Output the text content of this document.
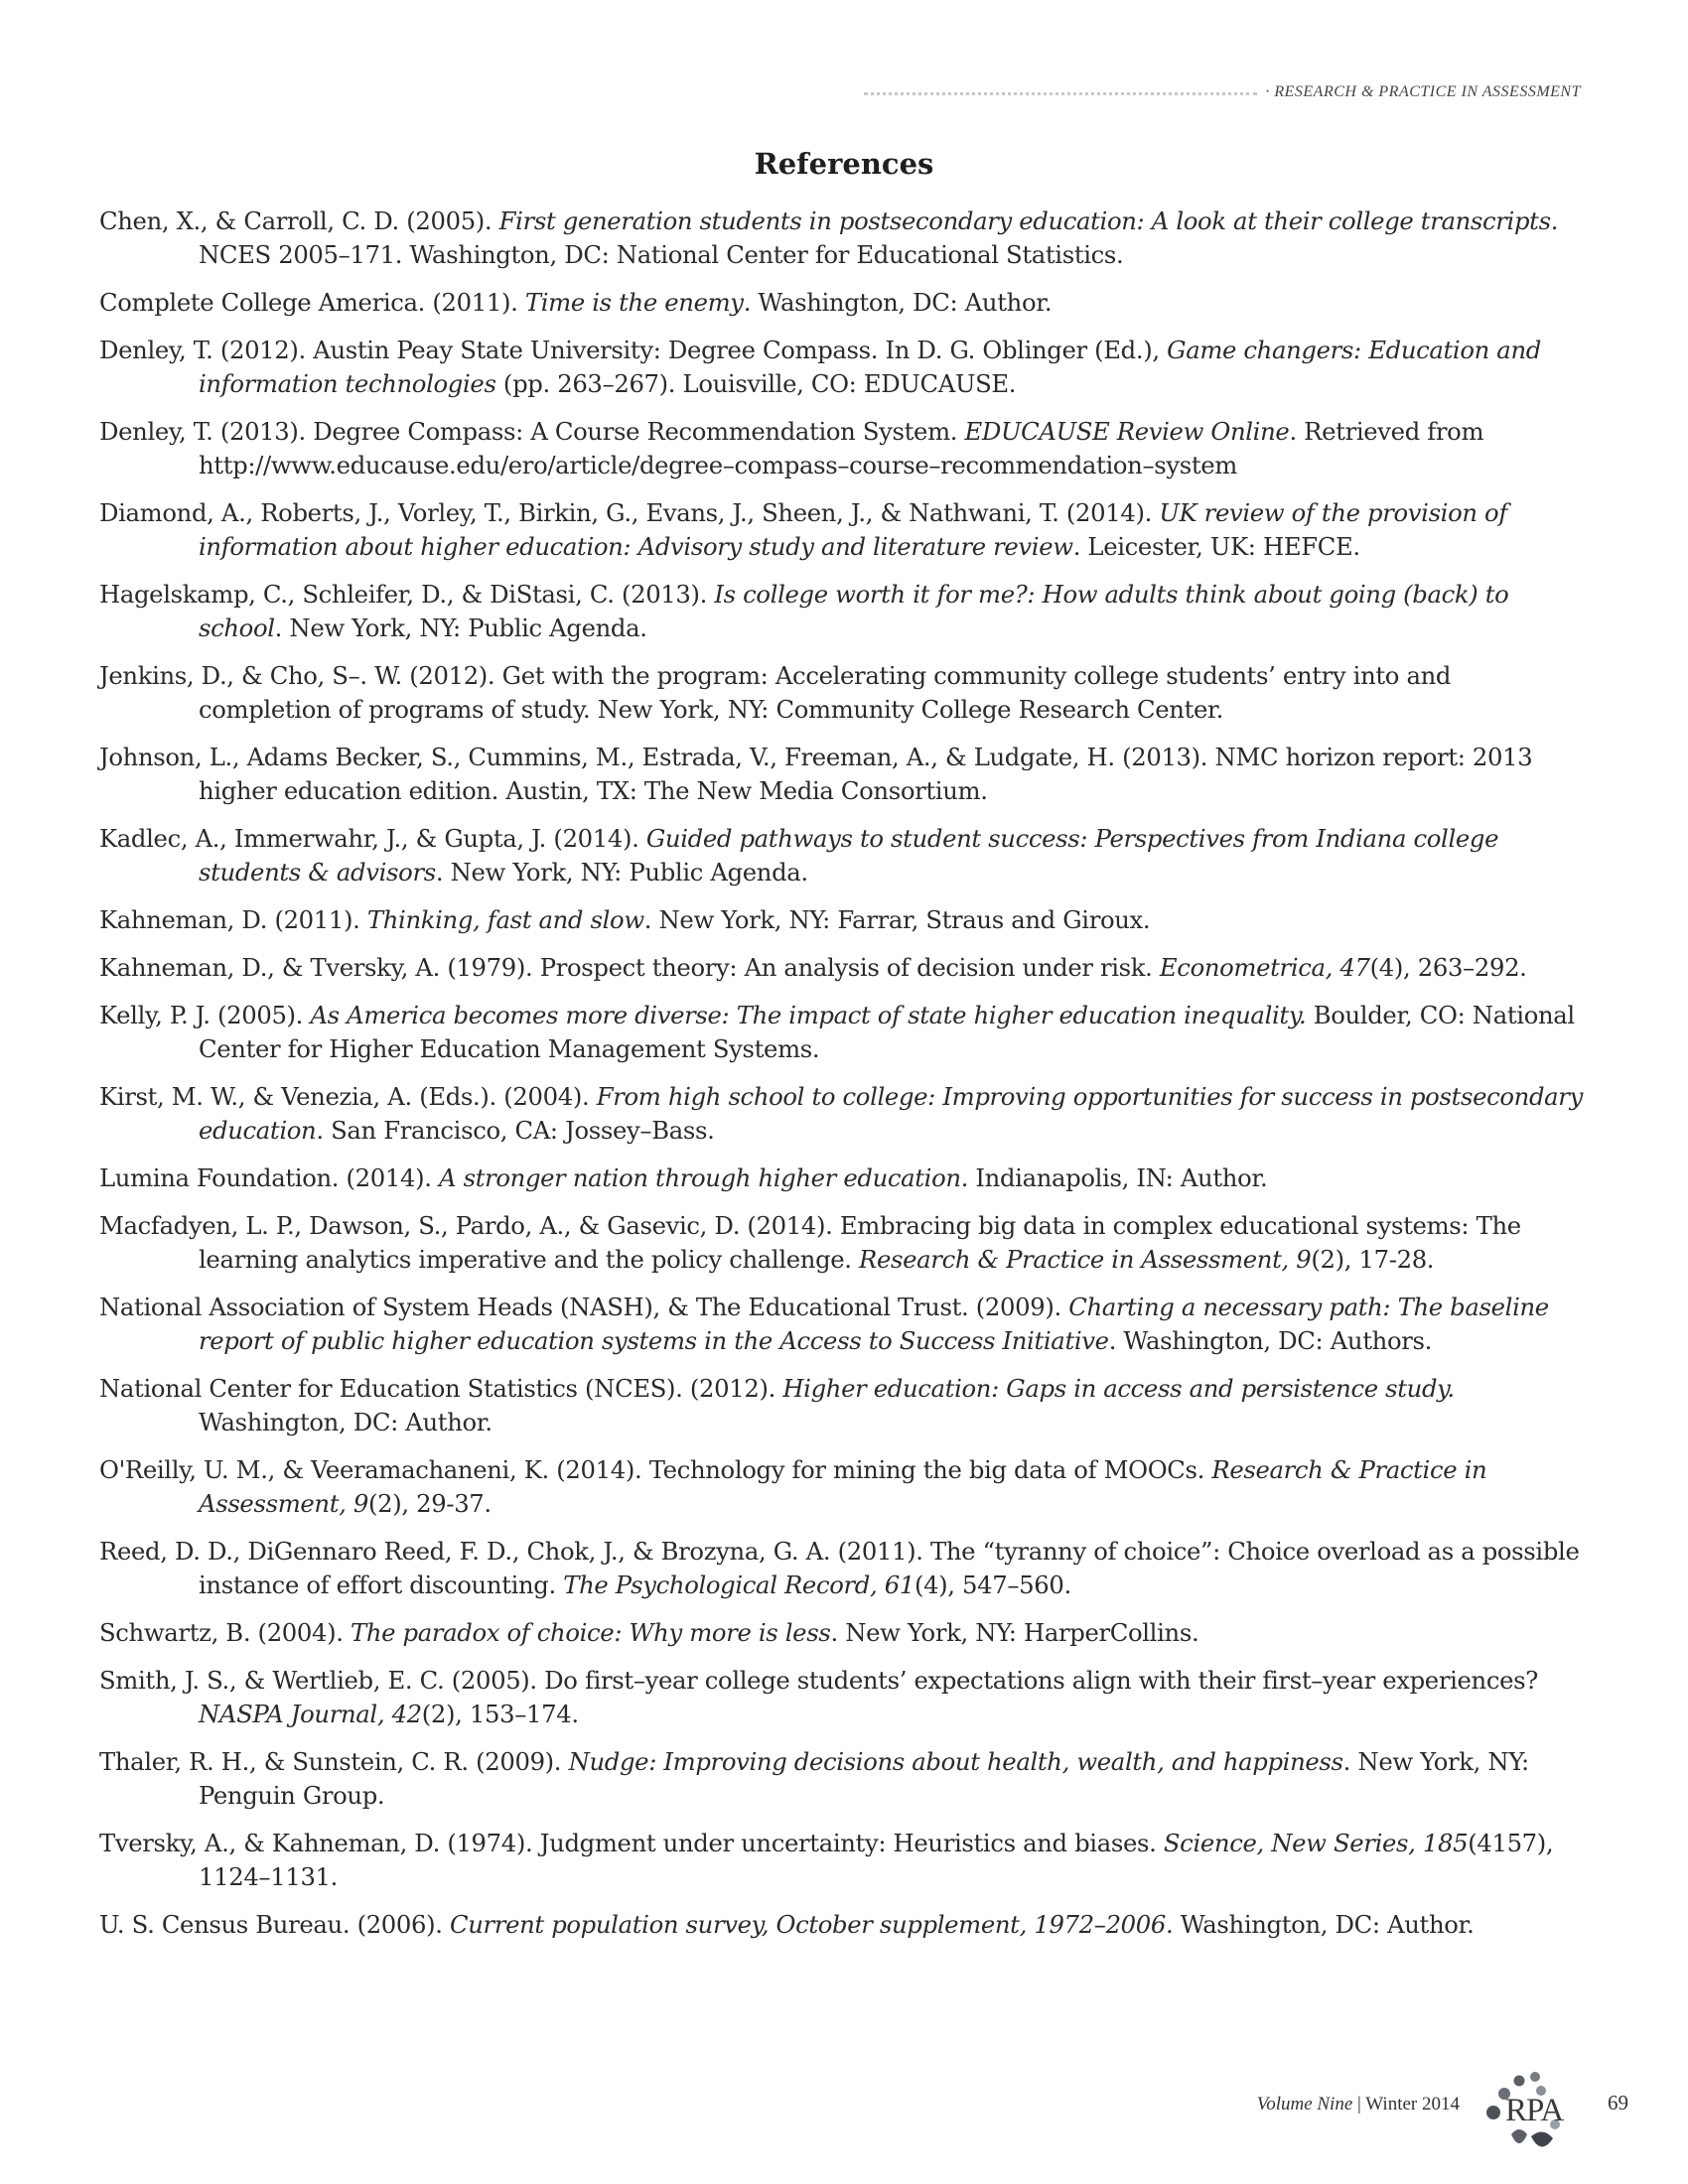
· RESEARCH & PRACTICE IN ASSESSMENT
References

Chen, X., & Carroll, C. D. (2005). First generation students in postsecondary education: A look at their college transcripts. NCES 2005–171. Washington, DC: National Center for Educational Statistics.

Complete College America. (2011). Time is the enemy. Washington, DC: Author.

Denley, T. (2012). Austin Peay State University: Degree Compass. In D. G. Oblinger (Ed.), Game changers: Education and information technologies (pp. 263–267). Louisville, CO: EDUCAUSE.

Denley, T. (2013). Degree Compass: A Course Recommendation System. EDUCAUSE Review Online. Retrieved from http://www.educause.edu/ero/article/degree–compass–course–recommendation–system

Diamond, A., Roberts, J., Vorley, T., Birkin, G., Evans, J., Sheen, J., & Nathwani, T. (2014). UK review of the provision of information about higher education: Advisory study and literature review. Leicester, UK: HEFCE.

Hagelskamp, C., Schleifer, D., & DiStasi, C. (2013). Is college worth it for me?: How adults think about going (back) to school. New York, NY: Public Agenda.

Jenkins, D., & Cho, S–. W. (2012). Get with the program: Accelerating community college students’ entry into and completion of programs of study. New York, NY: Community College Research Center.

Johnson, L., Adams Becker, S., Cummins, M., Estrada, V., Freeman, A., & Ludgate, H. (2013). NMC horizon report: 2013 higher education edition. Austin, TX: The New Media Consortium.

Kadlec, A., Immerwahr, J., & Gupta, J. (2014). Guided pathways to student success: Perspectives from Indiana college students & advisors. New York, NY: Public Agenda.

Kahneman, D. (2011). Thinking, fast and slow. New York, NY: Farrar, Straus and Giroux.

Kahneman, D., & Tversky, A. (1979). Prospect theory: An analysis of decision under risk. Econometrica, 47(4), 263–292.

Kelly, P. J. (2005). As America becomes more diverse: The impact of state higher education inequality. Boulder, CO: National Center for Higher Education Management Systems.

Kirst, M. W., & Venezia, A. (Eds.). (2004). From high school to college: Improving opportunities for success in postsecondary education. San Francisco, CA: Jossey–Bass.

Lumina Foundation. (2014). A stronger nation through higher education. Indianapolis, IN: Author.

Macfadyen, L. P., Dawson, S., Pardo, A., & Gasevic, D. (2014). Embracing big data in complex educational systems: The learning analytics imperative and the policy challenge. Research & Practice in Assessment, 9(2), 17-28.

National Association of System Heads (NASH), & The Educational Trust. (2009). Charting a necessary path: The baseline report of public higher education systems in the Access to Success Initiative. Washington, DC: Authors.

National Center for Education Statistics (NCES). (2012). Higher education: Gaps in access and persistence study. Washington, DC: Author.

O'Reilly, U. M., & Veeramachaneni, K. (2014). Technology for mining the big data of MOOCs. Research & Practice in Assessment, 9(2), 29-37.

Reed, D. D., DiGennaro Reed, F. D., Chok, J., & Brozyna, G. A. (2011). The “tyranny of choice”: Choice overload as a possible instance of effort discounting. The Psychological Record, 61(4), 547–560.

Schwartz, B. (2004). The paradox of choice: Why more is less. New York, NY: HarperCollins.

Smith, J. S., & Wertlieb, E. C. (2005). Do first–year college students’ expectations align with their first–year experiences? NASPA Journal, 42(2), 153–174.

Thaler, R. H., & Sunstein, C. R. (2009). Nudge: Improving decisions about health, wealth, and happiness. New York, NY: Penguin Group.

Tversky, A., & Kahneman, D. (1974). Judgment under uncertainty: Heuristics and biases. Science, New Series, 185(4157), 1124–1131.

U. S. Census Bureau. (2006). Current population survey, October supplement, 1972–2006. Washington, DC: Author.

Volume Nine | Winter 2014 RPA 69
